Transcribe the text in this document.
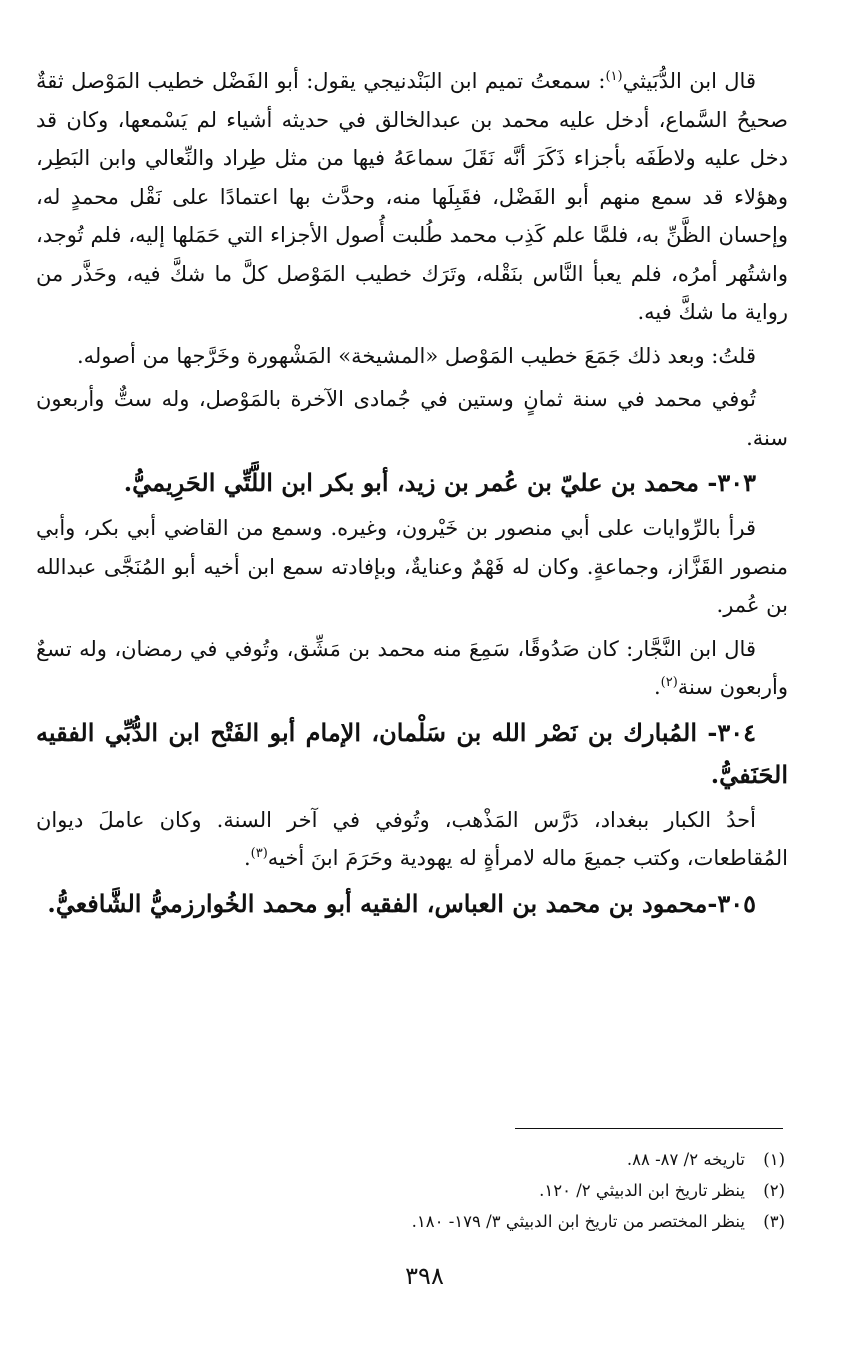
قال ابن الدُّبَيثي$^{(١)}$: سمعتُ تميم ابن البَنْدنيجي يقول: أبو الفَضْل خطيب المَوْصل ثقةٌ صحيحُ السَّماع، أدخل عليه محمد بن عبدالخالق في حديثه أشياء لم يَسْمعها، وكان قد دخل عليه ولاطَفَه بأجزاء ذَكَرَ أنَّه نَقَلَ سماعَهُ فيها من مثل طِراد والنِّعالي وابن البَطِر، وهؤلاء قد سمع منهم أبو الفَضْل، فقَبِلَها منه، وحدَّث بها اعتمادًا على نَقْل محمدٍ له، وإحسان الظَّنِّ به، فلمَّا علم كَذِب محمد طُلبت أُصول الأجزاء التي حَمَلها إليه، فلم تُوجد، واشتُهر أمرُه، فلم يعبأ النَّاس بنَقْله، وتَرَك خطيب المَوْصل كلَّ ما شكَّ فيه، وحَذَّر من رواية ما شكَّ فيه.

قلتُ: وبعد ذلك جَمَعَ خطيب المَوْصل «المشيخة» المَشْهورة وخَرَّجها من أصوله.

تُوفي محمد في سنة ثمانٍ وستين في جُمادى الآخرة بالمَوْصل، وله ستٌّ وأربعون سنة.

٣٠٣- محمد بن عليّ بن عُمر بن زيد، أبو بكر ابن اللَّتِّي الحَرِيميُّ.

قرأ بالرِّوايات على أبي منصور بن خَيْرون، وغيره. وسمع من القاضي أبي بكر، وأبي منصور القَزَّاز، وجماعةٍ. وكان له فَهْمٌ وعنايةٌ، وبإفادته سمع ابن أخيه أبو المُنَجَّى عبدالله بن عُمر.

قال ابن النَّجَّار: كان صَدُوقًا، سَمِعَ منه محمد بن مَشِّق، وتُوفي في رمضان، وله تسعٌ وأربعون سنة$^{(٢)}$.

٣٠٤- المُبارك بن نَصْر الله بن سَلْمان، الإمام أبو الفَتْح ابن الدُّبِّي الفقيه الحَنَفيُّ.

أحدُ الكبار ببغداد، دَرَّس المَذْهب، وتُوفي في آخر السنة. وكان عاملَ ديوان المُقاطعات، وكتب جميعَ ماله لامرأةٍ له يهودية وحَرَمَ ابنَ أخيه$^{(٣)}$.

٣٠٥-محمود بن محمد بن العباس، الفقيه أبو محمد الخُوارزميُّ الشَّافعيُّ.

(١)تاريخه ٢/ ٨٧- ٨٨.
(٢)ينظر تاريخ ابن الدبيثي ٢/ ١٢٠.
(٣)ينظر المختصر من تاريخ ابن الدبيثي ٣/ ١٧٩- ١٨٠.
٣٩٨
